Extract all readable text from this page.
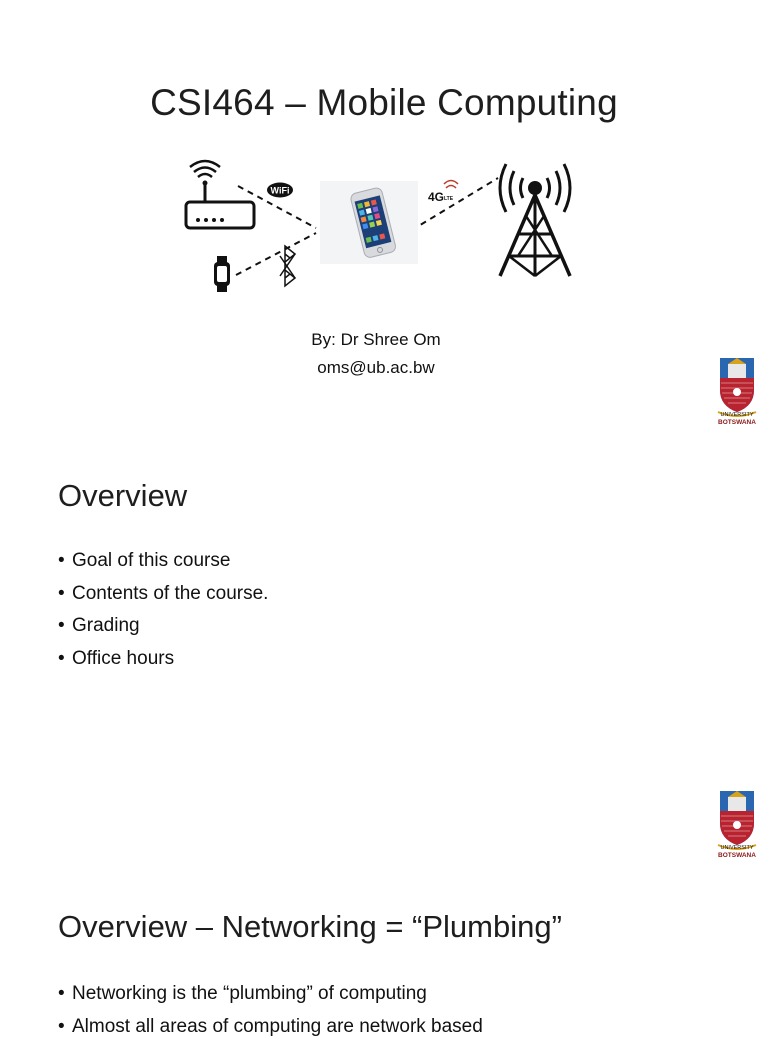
CSI464 – Mobile Computing
WiFi	4G LTE
By: Dr Shree Om
oms@ub.ac.bw
UNIVERSITY
BOTSWANA
Overview
• Goal of this course
• Contents of the course.
• Grading
• Office hours
UNIVERSITY
BOTSWANA
Overview – Networking = “Plumbing”
• Networking is the “plumbing” of computing
• Almost all areas of computing are network based
